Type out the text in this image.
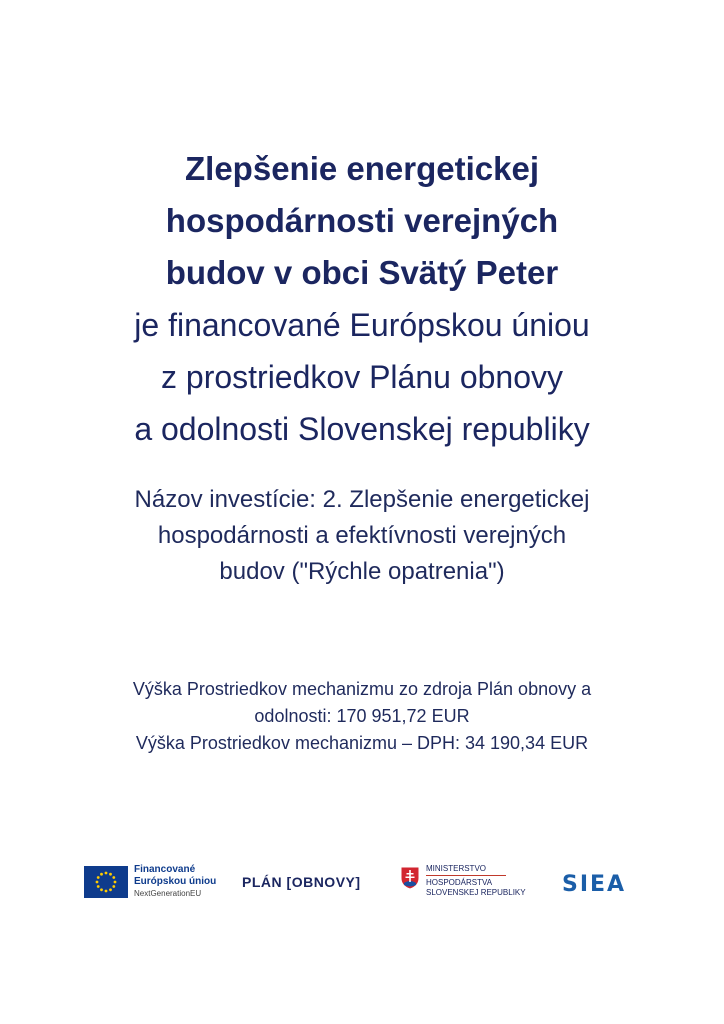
Zlepšenie energetickej
hospodárnosti verejných
budov v obci Svätý Peter
je financované Európskou úniou
z prostriedkov Plánu obnovy
a odolnosti Slovenskej republiky
Názov investície: 2. Zlepšenie energetickej
hospodárnosti a efektívnosti verejných
budov ("Rýchle opatrenia")
Výška Prostriedkov mechanizmu zo zdroja Plán obnovy a
odolnosti: 170 951,72 EUR
Výška Prostriedkov mechanizmu – DPH: 34 190,34 EUR
Financované
Európskou úniou
NextGenerationEU
PLÁN [OBNOVY]
MINISTERSTVO
HOSPODÁRSTVA
SLOVENSKEJ REPUBLIKY SIEA
